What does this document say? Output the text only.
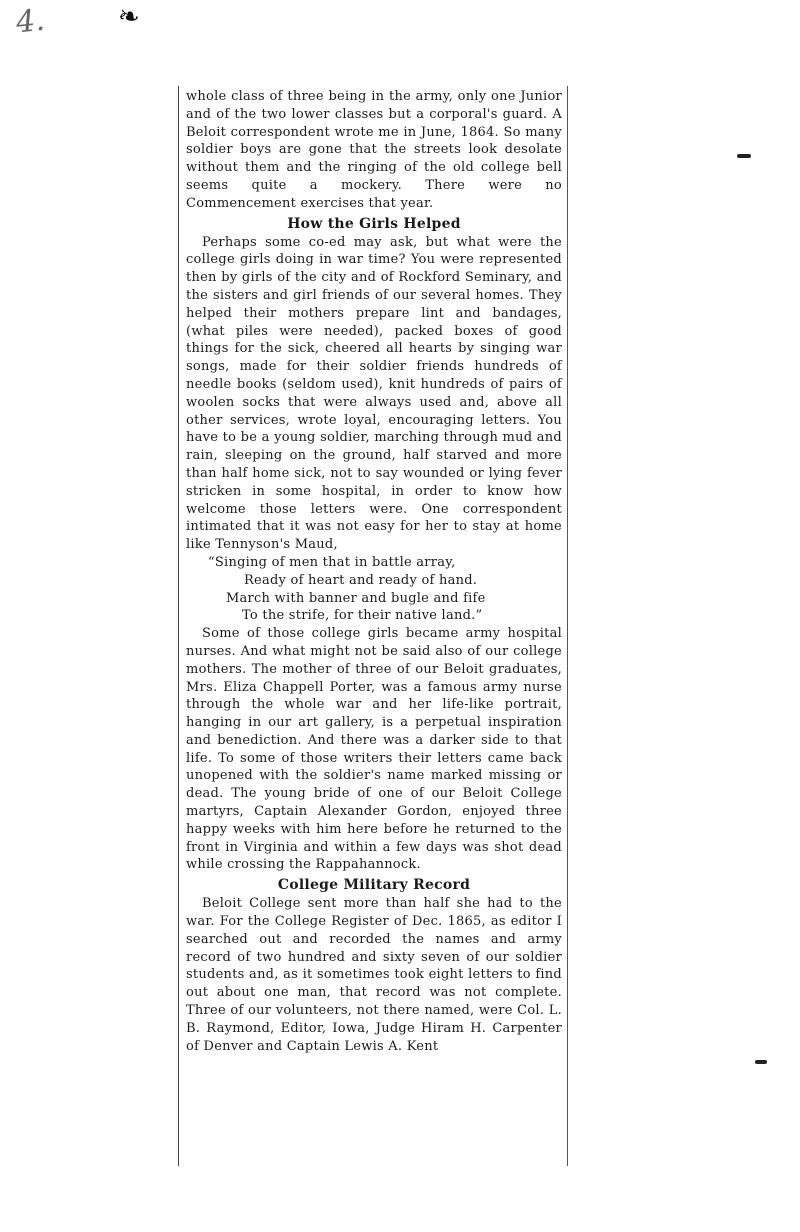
4.	❧

whole class of three being in the army, only one Junior and of the two lower classes but a corporal's guard. A Beloit correspondent wrote me in June, 1864. So many soldier boys are gone that the streets look desolate without them and the ringing of the old college bell seems quite a mockery. There were no Commencement exercises that year.

How the Girls Helped

Perhaps some co-ed may ask, but what were the college girls doing in war time? You were represented then by girls of the city and of Rockford Seminary, and the sisters and girl friends of our several homes. They helped their mothers prepare lint and bandages, (what piles were needed), packed boxes of good things for the sick, cheered all hearts by singing war songs, made for their soldier friends hundreds of needle books (seldom used), knit hundreds of pairs of woolen socks that were always used and, above all other services, wrote loyal, encouraging letters. You have to be a young soldier, marching through mud and rain, sleeping on the ground, half starved and more than half home sick, not to say wounded or lying fever stricken in some hospital, in order to know how welcome those letters were. One correspondent intimated that it was not easy for her to stay at home like Tennyson's Maud,

“Singing of men that in battle array,
Ready of heart and ready of hand.
March with banner and bugle and fife
To the strife, for their native land.”

Some of those college girls became army hospital nurses. And what might not be said also of our college mothers. The mother of three of our Beloit graduates, Mrs. Eliza Chappell Porter, was a famous army nurse through the whole war and her life-like portrait, hanging in our art gallery, is a perpetual inspiration and benediction. And there was a darker side to that life. To some of those writers their letters came back unopened with the soldier's name marked missing or dead. The young bride of one of our Beloit College martyrs, Captain Alexander Gordon, enjoyed three happy weeks with him here before he returned to the front in Virginia and within a few days was shot dead while crossing the Rappahannock.

College Military Record

Beloit College sent more than half she had to the war. For the College Register of Dec. 1865, as editor I searched out and recorded the names and army record of two hundred and sixty seven of our soldier students and, as it sometimes took eight letters to find out about one man, that record was not complete. Three of our volunteers, not there named, were Col. L. B. Raymond, Editor, Iowa, Judge Hiram H. Carpenter of Denver and Captain Lewis A. Kent
